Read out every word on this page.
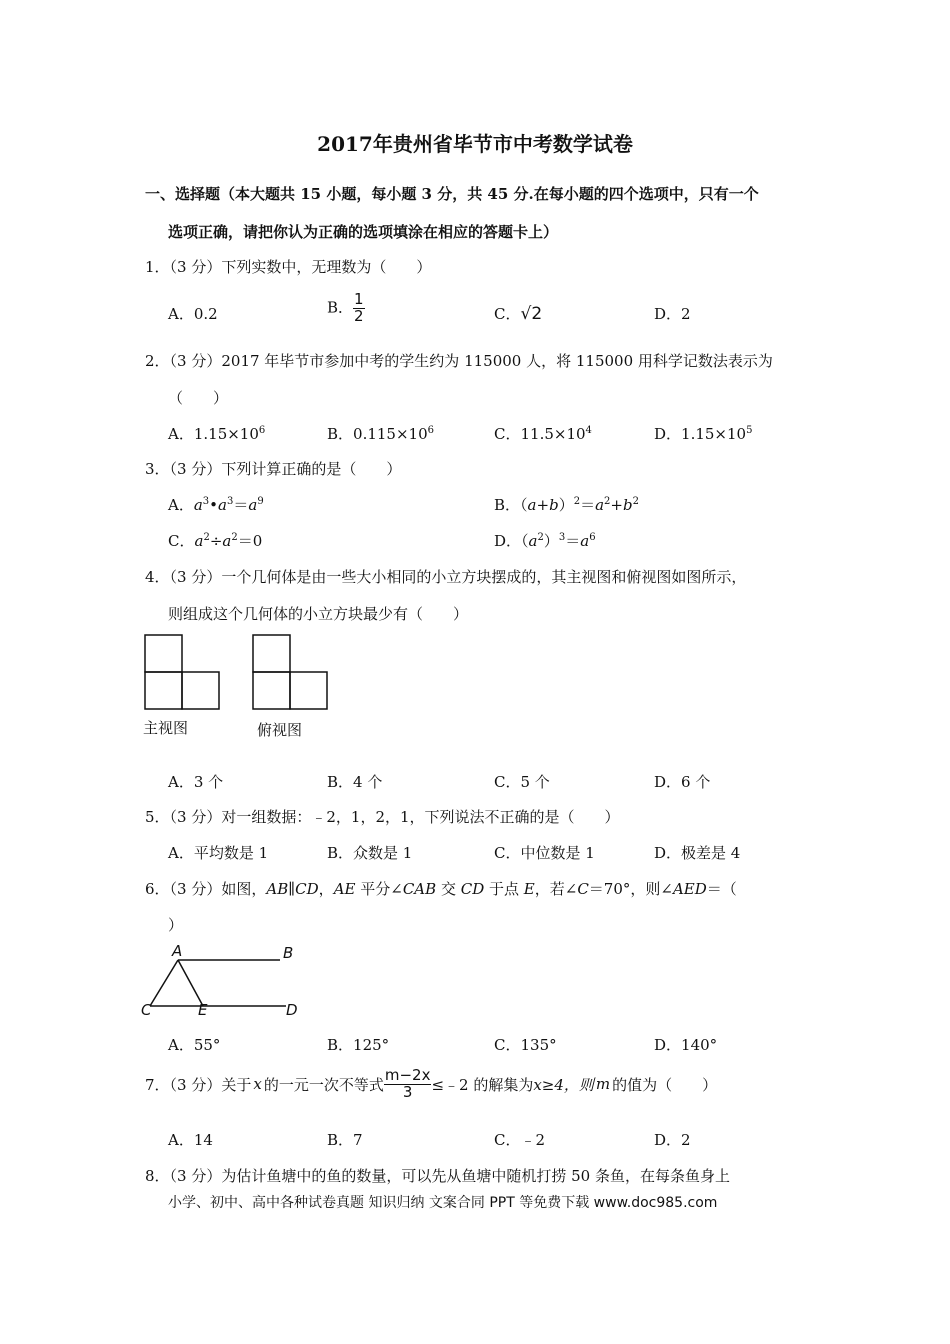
2017年贵州省毕节市中考数学试卷
一、选择题（本大题共 15 小题，每小题 3 分，共 45 分.在每小题的四个选项中，只有一个
选项正确，请把你认为正确的选项填涂在相应的答题卡上）
1．（3 分）下列实数中，无理数为（　　）
A．0.2	B． $\frac{1}{2}$	C．√2	D．2
2．（3 分）2017 年毕节市参加中考的学生约为 115000 人，将 115000 用科学记数法表示为
（　　）
A．$1.15\times 10^6$	B．$0.115\times 10^6$	C．$11.5\times 10^4$	D．$1.15\times 10^5$
3．（3 分）下列计算正确的是（　　）
A．$a^3•a^3=a^9$	B．$(a+b)^2=a^2+b^2$
C．$a^2\div a^2=0$	D．$(a^2)^3=a^6$
4．（3 分）一个几何体是由一些大小相同的小立方块摆成的，其主视图和俯视图如图所示，
则组成这个几何体的小立方块最少有（　　）
主视图	俯视图
A．3 个	B．4 个	C．5 个	D．6 个
5．（3 分）对一组数据：﹣2，1，2，1，下列说法不正确的是（　　）
A．平均数是 1	B．众数是 1	C．中位数是 1	D．极差是 4
6．（3 分）如图，AB∥CD，AE 平分∠CAB 交 CD 于点 E，若∠C＝70°，则∠AED＝（
）
A	B
C	E	D
A．55°	B．125°	C．135°	D．140°
7．（3 分）关于 x 的一元一次不等式 $\frac{m-2x}{3}$ ≤﹣2 的解集为 x≥4，则 m 的值为（　　）
A．14	B．7	C．﹣2	D．2
8．（3 分）为估计鱼塘中的鱼的数量，可以先从鱼塘中随机打捞 50 条鱼，在每条鱼身上
小学、初中、高中各种试卷真题 知识归纳 文案合同 PPT 等免费下载 www.doc985.com
